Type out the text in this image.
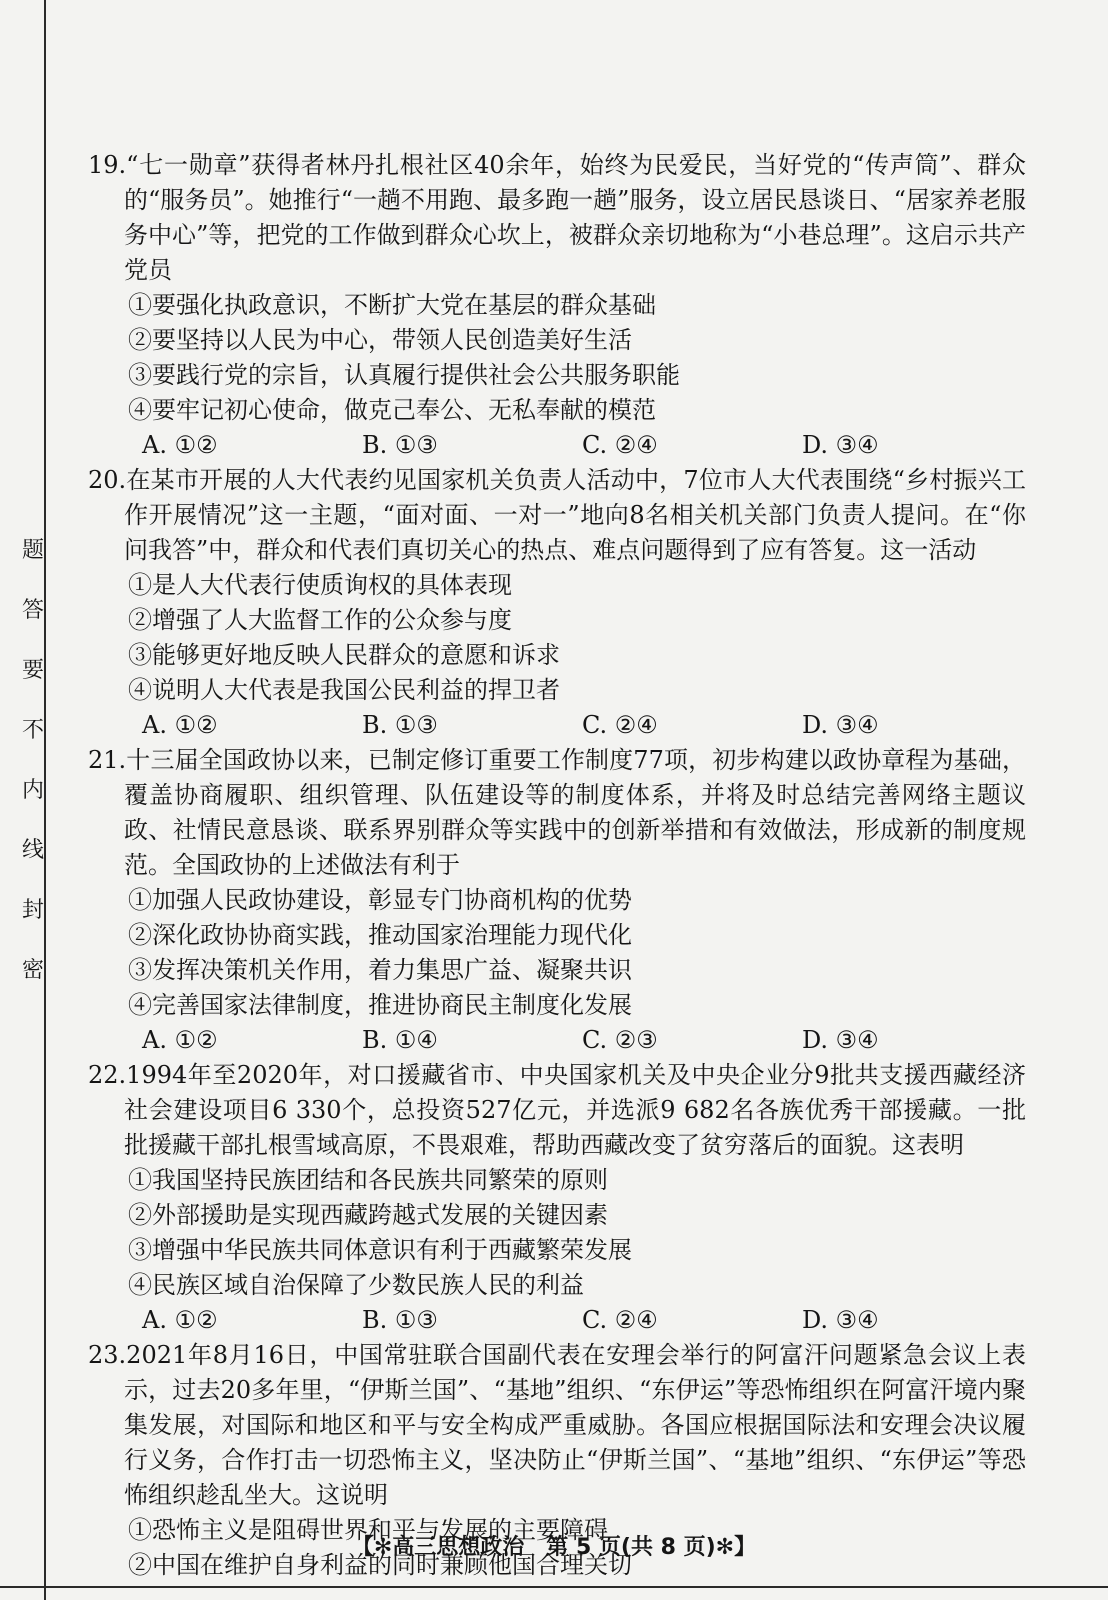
题
答
要
不
内
线
封
密

19.“七一勋章”获得者林丹扎根社区40余年，始终为民爱民，当好党的“传声筒”、群众的“服务员”。她推行“一趟不用跑、最多跑一趟”服务，设立居民恳谈日、“居家养老服务中心”等，把党的工作做到群众心坎上，被群众亲切地称为“小巷总理”。这启示共产党员

①要强化执政意识，不断扩大党在基层的群众基础

②要坚持以人民为中心，带领人民创造美好生活

③要践行党的宗旨，认真履行提供社会公共服务职能

④要牢记初心使命，做克己奉公、无私奉献的模范

A. ①②	B. ①③	C. ②④	D. ③④

20.在某市开展的人大代表约见国家机关负责人活动中，7位市人大代表围绕“乡村振兴工作开展情况”这一主题，“面对面、一对一”地向8名相关机关部门负责人提问。在“你问我答”中，群众和代表们真切关心的热点、难点问题得到了应有答复。这一活动

①是人大代表行使质询权的具体表现

②增强了人大监督工作的公众参与度

③能够更好地反映人民群众的意愿和诉求

④说明人大代表是我国公民利益的捍卫者

A. ①②	B. ①③	C. ②④	D. ③④

21.十三届全国政协以来，已制定修订重要工作制度77项，初步构建以政协章程为基础，覆盖协商履职、组织管理、队伍建设等的制度体系，并将及时总结完善网络主题议政、社情民意恳谈、联系界别群众等实践中的创新举措和有效做法，形成新的制度规范。全国政协的上述做法有利于

①加强人民政协建设，彰显专门协商机构的优势

②深化政协协商实践，推动国家治理能力现代化

③发挥决策机关作用，着力集思广益、凝聚共识

④完善国家法律制度，推进协商民主制度化发展

A. ①②	B. ①④	C. ②③	D. ③④

22.1994年至2020年，对口援藏省市、中央国家机关及中央企业分9批共支援西藏经济社会建设项目6 330个，总投资527亿元，并选派9 682名各族优秀干部援藏。一批批援藏干部扎根雪域高原，不畏艰难，帮助西藏改变了贫穷落后的面貌。这表明

①我国坚持民族团结和各民族共同繁荣的原则

②外部援助是实现西藏跨越式发展的关键因素

③增强中华民族共同体意识有利于西藏繁荣发展

④民族区域自治保障了少数民族人民的利益

A. ①②	B. ①③	C. ②④	D. ③④

23.2021年8月16日，中国常驻联合国副代表在安理会举行的阿富汗问题紧急会议上表示，过去20多年里，“伊斯兰国”、“基地”组织、“东伊运”等恐怖组织在阿富汗境内聚集发展，对国际和地区和平与安全构成严重威胁。各国应根据国际法和安理会决议履行义务，合作打击一切恐怖主义，坚决防止“伊斯兰国”、“基地”组织、“东伊运”等恐怖组织趁乱坐大。这说明

①恐怖主义是阻碍世界和平与发展的主要障碍

②中国在维护自身利益的同时兼顾他国合理关切

【✻高三思想政治　第 5 页(共 8 页)✻】
